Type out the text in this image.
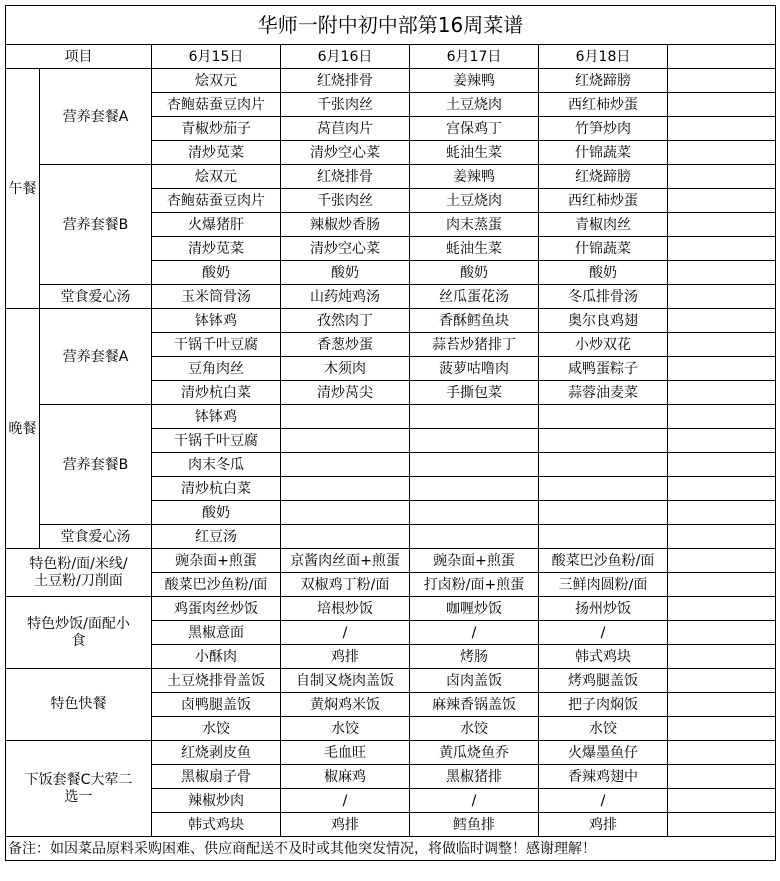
华师一附中初中部第16周菜谱						
项目		6月15日	6月16日	6月17日	6月18日	
午餐	营养套餐A	烩双元	红烧排骨	姜辣鸭	红烧蹄膀	
		杏鲍菇蚕豆肉片	千张肉丝	土豆烧肉	西红柿炒蛋	
		青椒炒茄子	莴苣肉片	宫保鸡丁	竹笋炒肉	
		清炒苋菜	清炒空心菜	蚝油生菜	什锦蔬菜	
	营养套餐B	烩双元	红烧排骨	姜辣鸭	红烧蹄膀	
		杏鲍菇蚕豆肉片	千张肉丝	土豆烧肉	西红柿炒蛋	
		火爆猪肝	辣椒炒香肠	肉末蒸蛋	青椒肉丝	
		清炒苋菜	清炒空心菜	蚝油生菜	什锦蔬菜	
		酸奶	酸奶	酸奶	酸奶	
	堂食爱心汤	玉米筒骨汤	山药炖鸡汤	丝瓜蛋花汤	冬瓜排骨汤	
晚餐	营养套餐A	钵钵鸡	孜然肉丁	香酥鳕鱼块	奥尔良鸡翅	
		干锅千叶豆腐	香葱炒蛋	蒜苔炒猪排丁	小炒双花	
		豆角肉丝	木须肉	菠萝咕噜肉	咸鸭蛋粽子	
		清炒杭白菜	清炒莴尖	手撕包菜	蒜蓉油麦菜	
	营养套餐B	钵钵鸡				
		干锅千叶豆腐				
		肉末冬瓜				
		清炒杭白菜				
		酸奶				
	堂食爱心汤	红豆汤				
特色粉/面/米线/土豆粉/刀削面		豌杂面+煎蛋	京酱肉丝面+煎蛋	豌杂面+煎蛋	酸菜巴沙鱼粉/面	
		酸菜巴沙鱼粉/面	双椒鸡丁粉/面	打卤粉/面+煎蛋	三鲜肉圆粉/面	
特色炒饭/面配小食		鸡蛋肉丝炒饭	培根炒饭	咖喱炒饭	扬州炒饭	
		黑椒意面	/	/	/	
		小酥肉	鸡排	烤肠	韩式鸡块	
特色快餐		土豆烧排骨盖饭	自制叉烧肉盖饭	卤肉盖饭	烤鸡腿盖饭	
		卤鸭腿盖饭	黄焖鸡米饭	麻辣香锅盖饭	把子肉焖饭	
		水饺	水饺	水饺	水饺	
下饭套餐C大荤二选一		红烧剥皮鱼	毛血旺	黄瓜烧鱼乔	火爆墨鱼仔	
		黑椒扇子骨	椒麻鸡	黑椒猪排	香辣鸡翅中	
		辣椒炒肉	/	/	/	
		韩式鸡块	鸡排	鳕鱼排	鸡排	
备注：如因菜品原料采购困难、供应商配送不及时或其他突发情况，将做临时调整！感谢理解！						
